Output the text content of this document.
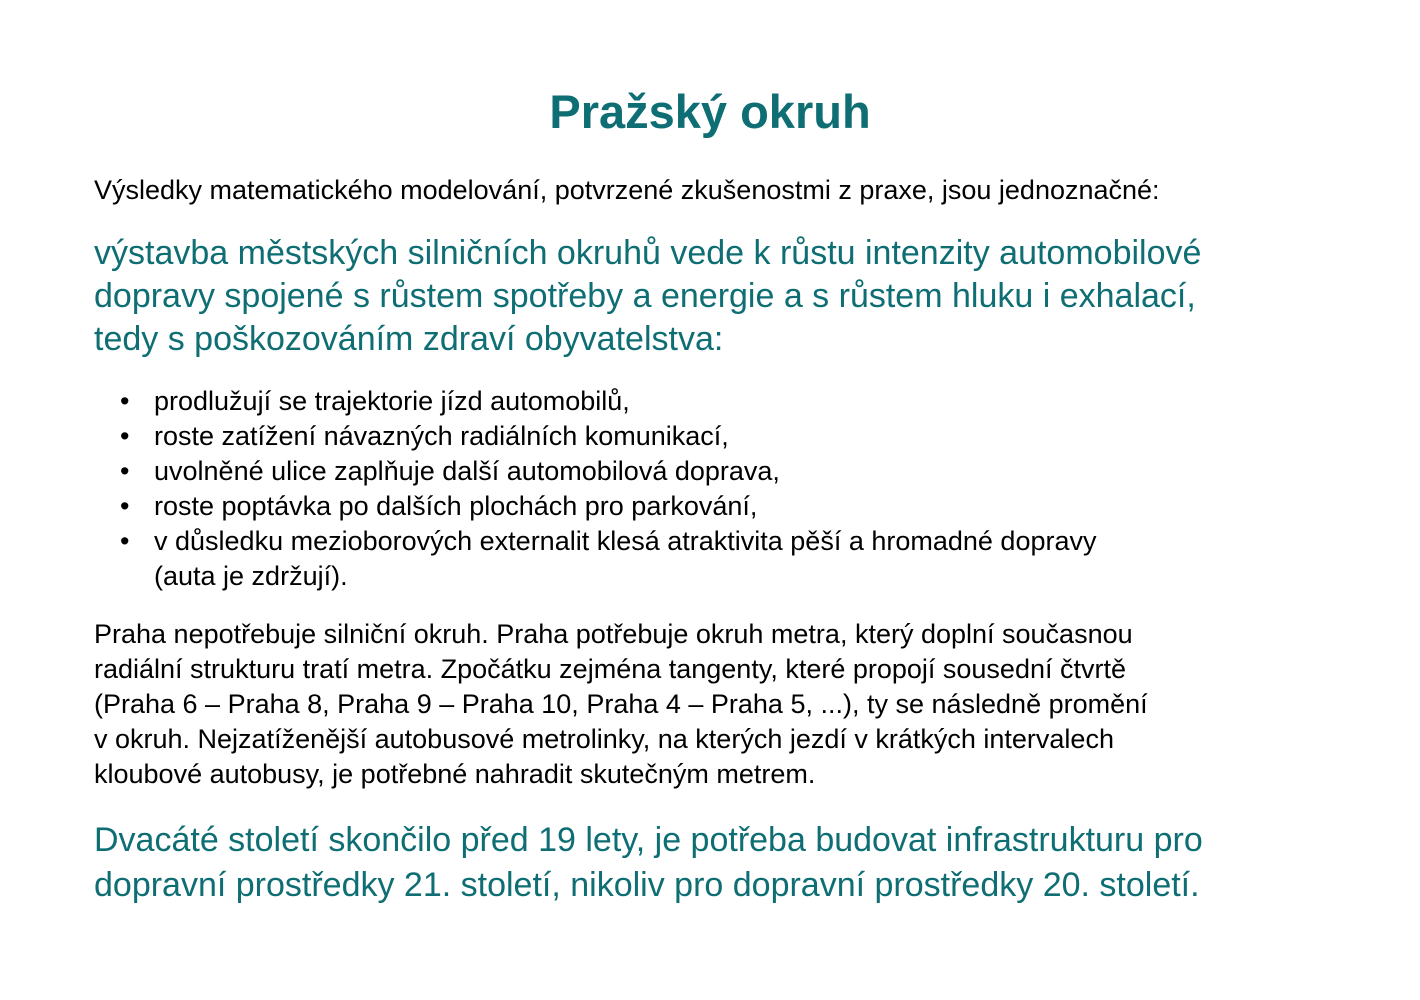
Pražský okruh

Výsledky matematického modelování, potvrzené zkušenostmi z praxe, jsou jednoznačné:

výstavba městských silničních okruhů vede k růstu intenzity automobilové
dopravy spojené s růstem spotřeby a energie a s růstem hluku i exhalací,
tedy s poškozováním zdraví obyvatelstva:

• prodlužují se trajektorie jízd automobilů,
• roste zatížení návazných radiálních komunikací,
• uvolněné ulice zaplňuje další automobilová doprava,
• roste poptávka po dalších plochách pro parkování,
• v důsledku mezioborových externalit klesá atraktivita pěší a hromadné dopravy
(auta je zdržují).

Praha nepotřebuje silniční okruh. Praha potřebuje okruh metra, který doplní současnou
radiální strukturu tratí metra. Zpočátku zejména tangenty, které propojí sousední čtvrtě
(Praha 6 – Praha 8, Praha 9 – Praha 10, Praha 4 – Praha 5, ...), ty se následně promění
v okruh. Nejzatíženější autobusové metrolinky, na kterých jezdí v krátkých intervalech
kloubové autobusy, je potřebné nahradit skutečným metrem.

Dvacáté století skončilo před 19 lety, je potřeba budovat infrastrukturu pro
dopravní prostředky 21. století, nikoliv pro dopravní prostředky 20. století.
